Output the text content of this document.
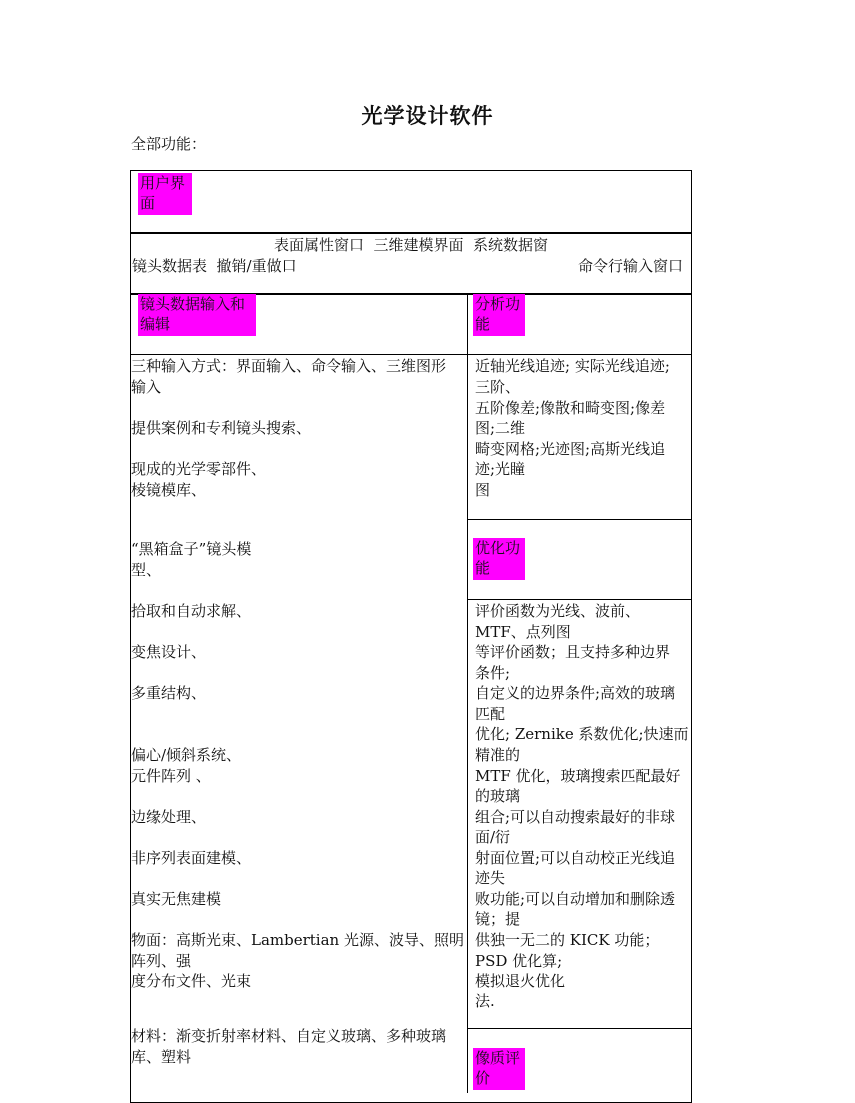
光学设计软件
全部功能：
用户界
面
表面属性窗口  三维建模界面  系统数据窗
镜头数据表  撤销/重做口	命令行输入窗口
镜头数据输入和
编辑
分析功
能
三种输入方式：界面输入、命令输入、三维图形
输入
提供案例和专利镜头搜索、
现成的光学零部件、
棱镜模库、
“黑箱盒子”镜头模
型、
拾取和自动求解、
变焦设计、
多重结构、
偏心/倾斜系统、
元件阵列 、
边缘处理、
非序列表面建模、
真实无焦建模
物面：高斯光束、Lambertian 光源、波导、照明
阵列、强
度分布文件、光束
材料：渐变折射率材料、自定义玻璃、多种玻璃
库、塑料
近轴光线追迹; 实际光线追迹;
三阶、
五阶像差;像散和畸变图;像差
图;二维
畸变网格;光迹图;高斯光线追
迹;光瞳
图
优化功
能
评价函数为光线、波前、
MTF、点列图
等评价函数；且支持多种边界
条件;
自定义的边界条件;高效的玻璃
匹配
优化; Zernike 系数优化;快速而
精准的
MTF 优化，玻璃搜索匹配最好
的玻璃
组合;可以自动搜索最好的非球
面/衍
射面位置;可以自动校正光线追
迹失
败功能;可以自动增加和删除透
镜；提
供独一无二的 KICK 功能；
PSD 优化算;
模拟退火优化
法.
像质评
价
